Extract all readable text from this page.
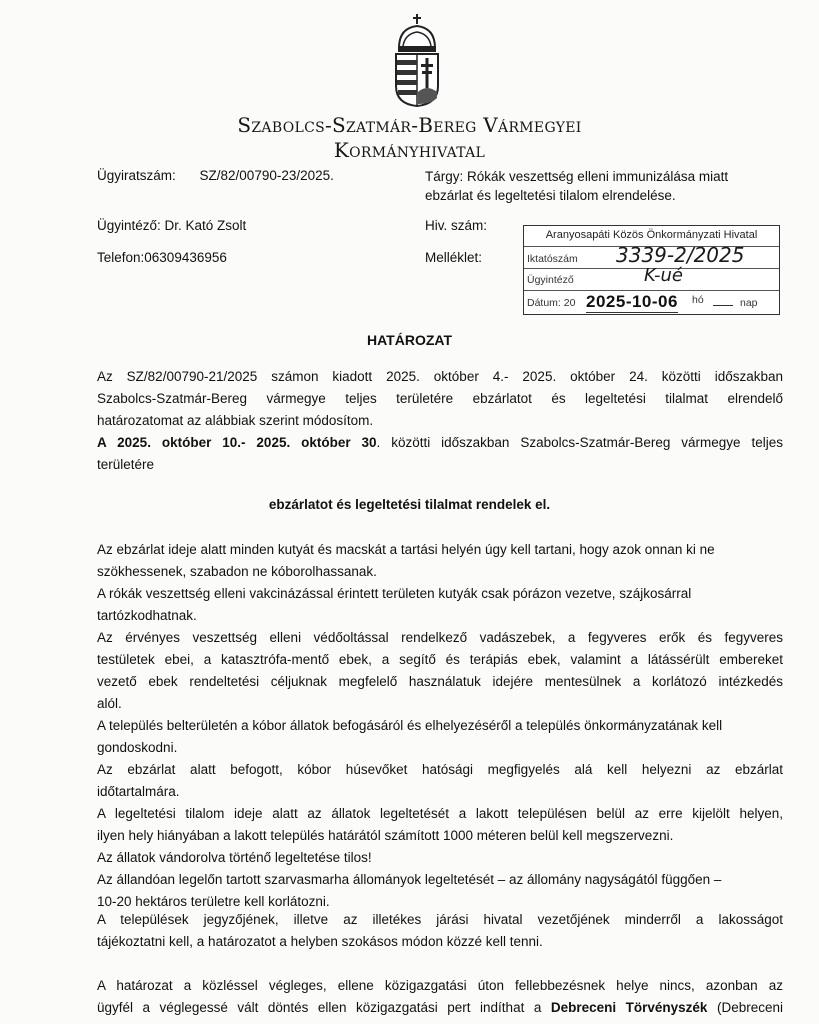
Szabolcs-Szatmár-Bereg Vármegyei
Kormányhivatal
Ügyiratszám: SZ/82/00790-23/2025.
Ügyintéző: Dr. Kató Zsolt
Telefon:06309436956
Tárgy: Rókák veszettség elleni immunizálása miatt
ebzárlat és legeltetési tilalom elrendelése.
Hiv. szám:
Melléklet:
Aranyosapáti Közös Önkormányzati Hivatal
Iktatószám 3339-2/2025
Ügyintéző	K-ué
Dátum: 20 2025-10-06 hó	nap
HATÁROZAT
Az SZ/82/00790-21/2025 számon kiadott 2025. október 4.- 2025. október 24. közötti időszakban
Szabolcs-Szatmár-Bereg vármegye teljes területére ebzárlatot és legeltetési tilalmat elrendelő
határozatomat az alábbiak szerint módosítom.
A 2025. október 10.- 2025. október 30. közötti időszakban Szabolcs-Szatmár-Bereg vármegye teljes
területére
ebzárlatot és legeltetési tilalmat rendelek el.
Az ebzárlat ideje alatt minden kutyát és macskát a tartási helyén úgy kell tartani, hogy azok onnan ki ne
szökhessenek, szabadon ne kóborolhassanak.
A rókák veszettség elleni vakcinázással érintett területen kutyák csak pórázon vezetve, szájkosárral
tartózkodhatnak.
Az érvényes veszettség elleni védőoltással rendelkező vadászebek, a fegyveres erők és fegyveres
testületek ebei, a katasztrófa-mentő ebek, a segítő és terápiás ebek, valamint a látássérült embereket
vezető ebek rendeltetési céljuknak megfelelő használatuk idejére mentesülnek a korlátozó intézkedés
alól.
A település belterületén a kóbor állatok befogásáról és elhelyezéséről a település önkormányzatának kell
gondoskodni.
Az ebzárlat alatt befogott, kóbor húsevőket hatósági megfigyelés alá kell helyezni az ebzárlat
időtartalmára.
A legeltetési tilalom ideje alatt az állatok legeltetését a lakott településen belül az erre kijelölt helyen,
ilyen hely hiányában a lakott település határától számított 1000 méteren belül kell megszervezni.
Az állatok vándorolva történő legeltetése tilos!
Az állandóan legelőn tartott szarvasmarha állományok legeltetését – az állomány nagyságától függően –
10-20 hektáros területre kell korlátozni.
A települések jegyzőjének, illetve az illetékes járási hivatal vezetőjének minderről a lakosságot
tájékoztatni kell, a határozatot a helyben szokásos módon közzé kell tenni.
A határozat a közléssel végleges, ellene közigazgatási úton fellebbezésnek helye nincs, azonban az
ügyfél a véglegessé vált döntés ellen közigazgatási pert indíthat a Debreceni Törvényszék (Debreceni
